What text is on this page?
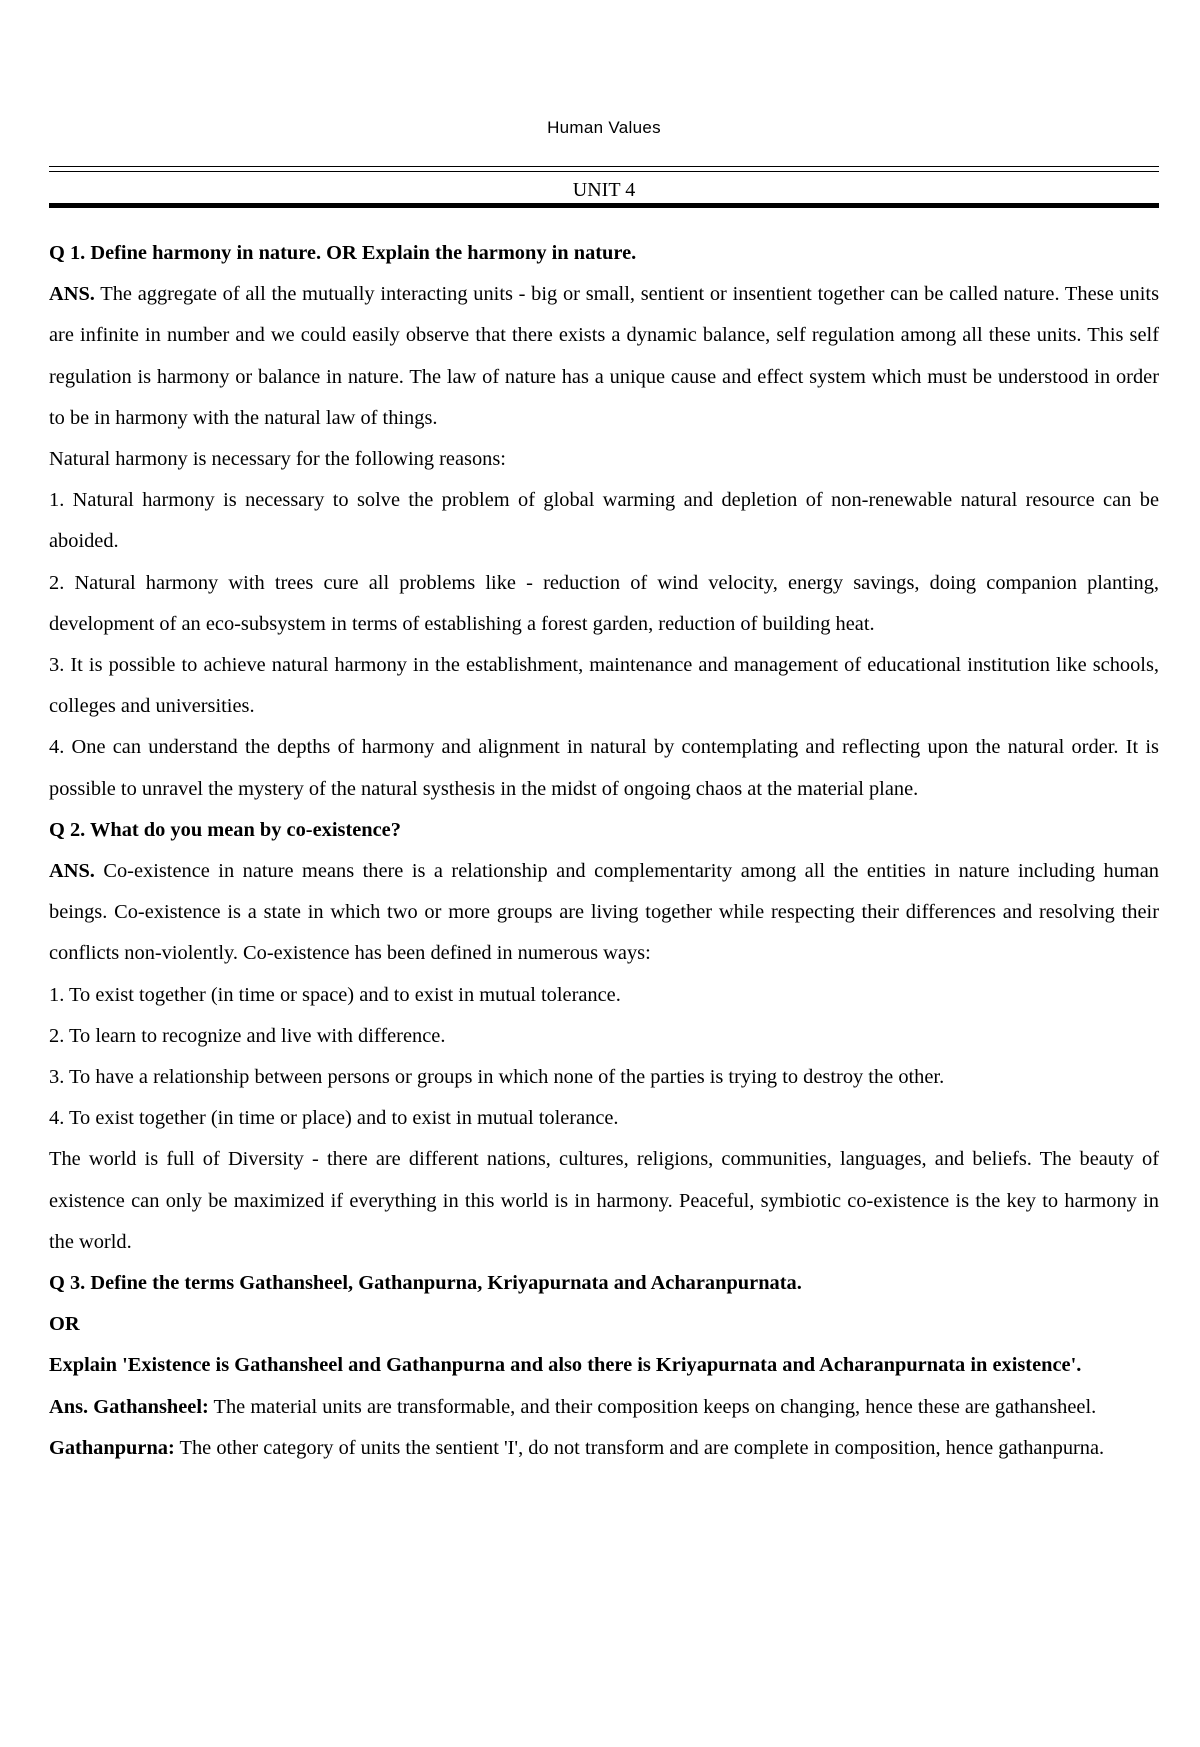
Human Values
UNIT 4

Q 1. Define harmony in nature. OR Explain the harmony in nature.

ANS. The aggregate of all the mutually interacting units - big or small, sentient or insentient together can be called nature. These units are infinite in number and we could easily observe that there exists a dynamic balance, self regulation among all these units. This self regulation is harmony or balance in nature. The law of nature has a unique cause and effect system which must be understood in order to be in harmony with the natural law of things.

Natural harmony is necessary for the following reasons:

1. Natural harmony is necessary to solve the problem of global warming and depletion of non-renewable natural resource can be aboided.

2. Natural harmony with trees cure all problems like - reduction of wind velocity, energy savings, doing companion planting, development of an eco-subsystem in terms of establishing a forest garden, reduction of building heat.

3. It is possible to achieve natural harmony in the establishment, maintenance and management of educational institution like schools, colleges and universities.

4. One can understand the depths of harmony and alignment in natural by contemplating and reflecting upon the natural order. It is possible to unravel the mystery of the natural systhesis in the midst of ongoing chaos at the material plane.

Q 2. What do you mean by co-existence?

ANS. Co-existence in nature means there is a relationship and complementarity among all the entities in nature including human beings. Co-existence is a state in which two or more groups are living together while respecting their differences and resolving their conflicts non-violently. Co-existence has been defined in numerous ways:

1. To exist together (in time or space) and to exist in mutual tolerance.

2. To learn to recognize and live with difference.

3. To have a relationship between persons or groups in which none of the parties is trying to destroy the other.

4. To exist together (in time or place) and to exist in mutual tolerance.

The world is full of Diversity - there are different nations, cultures, religions, communities, languages, and beliefs. The beauty of existence can only be maximized if everything in this world is in harmony. Peaceful, symbiotic co-existence is the key to harmony in the world.

Q 3. Define the terms Gathansheel, Gathanpurna, Kriyapurnata and Acharanpurnata.

OR

Explain 'Existence is Gathansheel and Gathanpurna and also there is Kriyapurnata and Acharanpurnata in existence'.

Ans. Gathansheel: The material units are transformable, and their composition keeps on changing, hence these are gathansheel.

Gathanpurna: The other category of units the sentient 'I', do not transform and are complete in composition, hence gathanpurna.
